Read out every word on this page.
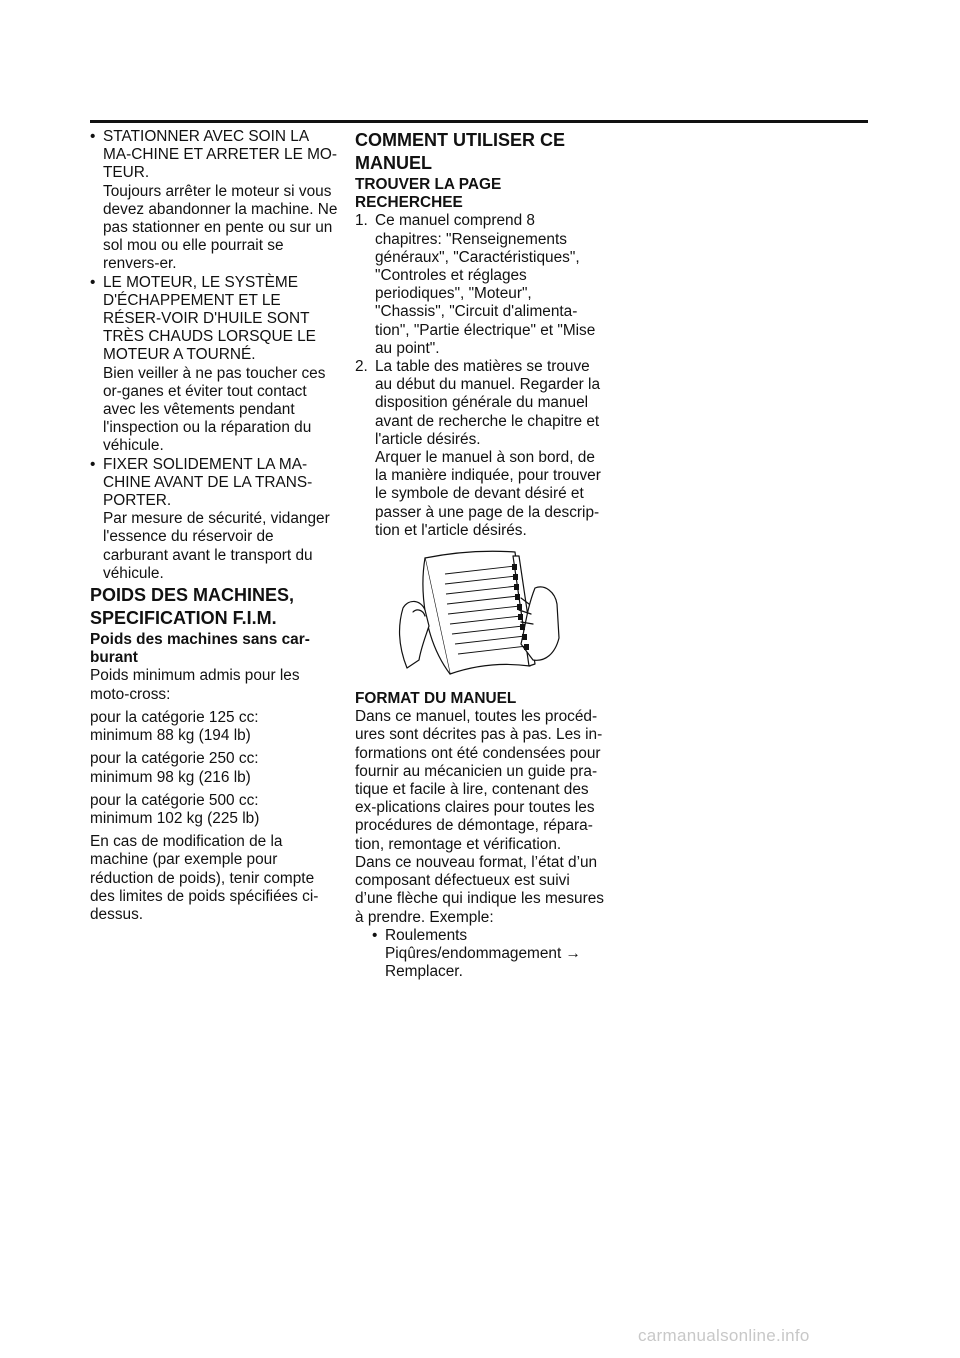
• STATIONNER AVEC SOIN LA MA-CHINE ET ARRETER LE MO-TEUR.
Toujours arrêter le moteur si vous devez abandonner la machine. Ne pas stationner en pente ou sur un sol mou ou elle pourrait se renvers-er.
• LE MOTEUR, LE SYSTÈME D'ÉCHAPPEMENT ET LE RÉSER-VOIR D'HUILE SONT TRÈS CHAUDS LORSQUE LE MOTEUR A TOURNÉ.
Bien veiller à ne pas toucher ces or-ganes et éviter tout contact avec les vêtements pendant l'inspection ou la réparation du véhicule.
• FIXER SOLIDEMENT LA MA-CHINE AVANT DE LA TRANS-PORTER.
Par mesure de sécurité, vidanger l'essence du réservoir de carburant avant le transport du véhicule.
POIDS DES MACHINES, SPECIFICATION F.I.M.

Poids des machines sans car-burant

Poids minimum admis pour les moto-cross:

pour la catégorie 125 cc:

minimum 88 kg (194 lb)

pour la catégorie 250 cc:

minimum 98 kg (216 lb)

pour la catégorie 500 cc:

minimum 102 kg (225 lb)

En cas de modification de la machine (par exemple pour réduction de poids), tenir compte des limites de poids spécifiées ci-dessus.

COMMENT UTILISER CE MANUEL

TROUVER LA PAGE RECHERCHEE

1. Ce manuel comprend 8 chapitres: "Renseignements généraux", "Caractéristiques", "Controles et réglages periodiques", "Moteur", "Chassis", "Circuit d'alimenta-tion", "Partie électrique" et "Mise au point".
2. La table des matières se trouve au début du manuel. Regarder la disposition générale du manuel avant de recherche le chapitre et l'article désirés.
Arquer le manuel à son bord, de la manière indiquée, pour trouver le symbole de devant désiré et passer à une page de la descrip-tion et l'article désirés.

FORMAT DU MANUEL

Dans ce manuel, toutes les procéd-ures sont décrites pas à pas. Les in-formations ont été condensées pour fournir au mécanicien un guide pra-tique et facile à lire, contenant des ex-plications claires pour toutes les procédures de démontage, répara-tion, remontage et vérification.

Dans ce nouveau format, l’état d’un composant défectueux est suivi d’une flèche qui indique les mesures à prendre. Exemple:

• Roulements
Piqûres/endommagement →
Remplacer.
carmanualsonline.info
